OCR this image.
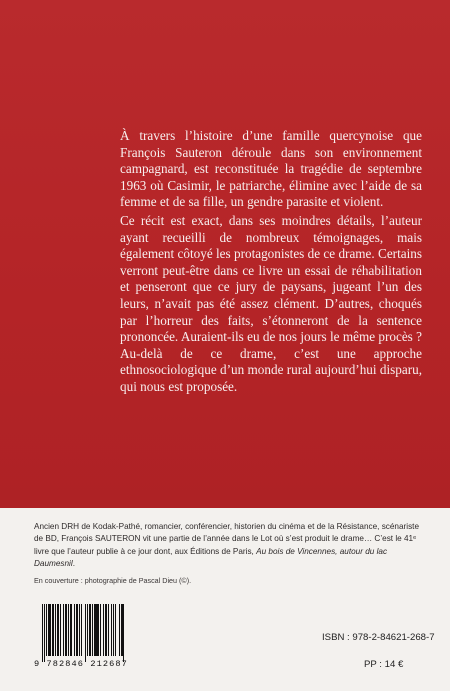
À travers l’histoire d’une famille quercynoise que François Sauteron déroule dans son environnement campagnard, est reconstituée la tragédie de septembre 1963 où Casimir, le patriarche, élimine avec l’aide de sa femme et de sa fille, un gendre parasite et violent.

Ce récit est exact, dans ses moindres détails, l’auteur ayant recueilli de nombreux témoignages, mais également côtoyé les protagonistes de ce drame. Certains verront peut-être dans ce livre un essai de réhabilitation et penseront que ce jury de paysans, jugeant l’un des leurs, n’avait pas été assez clément. D’autres, choqués par l’horreur des faits, s’étonneront de la sentence prononcée. Auraient-ils eu de nos jours le même procès ? Au-delà de ce drame, c’est une approche ethnosociologique d’un monde rural aujourd’hui disparu, qui nous est proposée.

Ancien DRH de Kodak-Pathé, romancier, conférencier, historien du cinéma et de la Résistance, scénariste de BD, François SAUTERON vit une partie de l’année dans le Lot où s’est produit le drame… C’est le 41ᵉ livre que l’auteur publie à ce jour dont, aux Éditions de Paris, Au bois de Vincennes, autour du lac Daumesnil.
En couverture : photographie de Pascal Dieu (©).
9 782846 212687
ISBN : 978-2-84621-268-7
PP : 14 €
